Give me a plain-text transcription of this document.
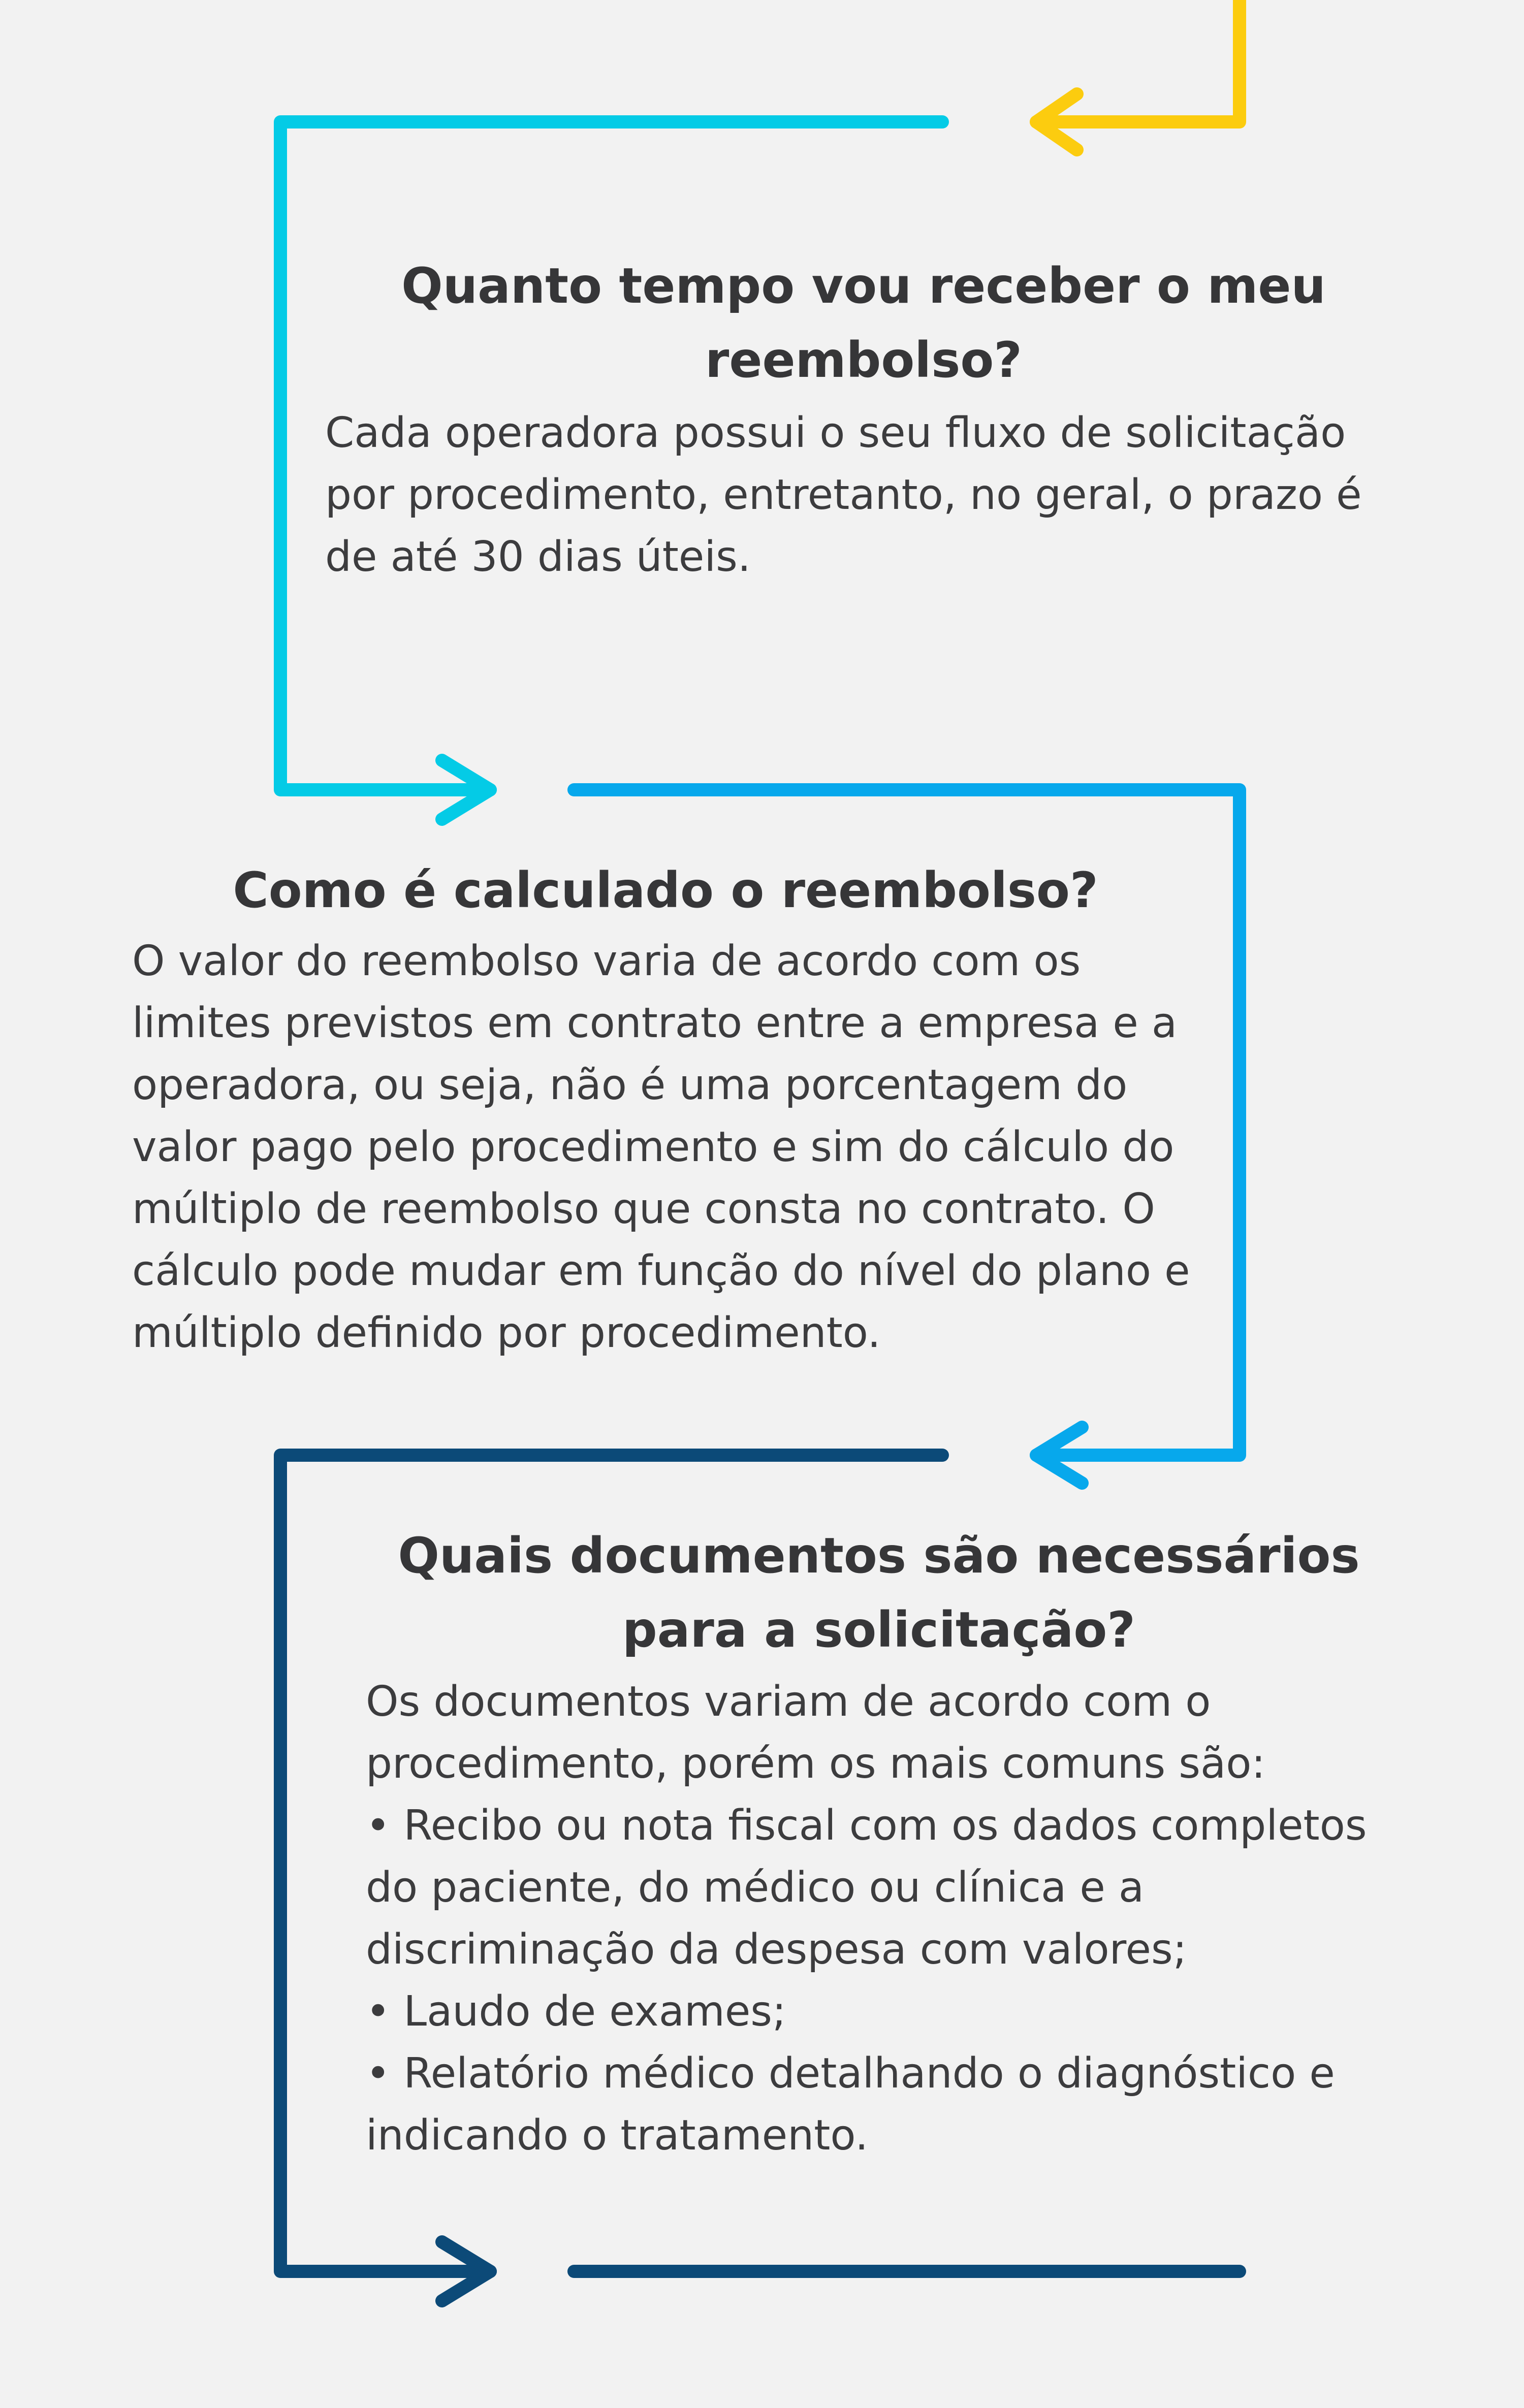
Quanto tempo vou receber o meu reembolso?

Cada operadora possui o seu fluxo de solicitação
por procedimento, entretanto, no geral, o prazo é
de até 30 dias úteis.

Como é calculado o reembolso?

O valor do reembolso varia de acordo com os
limites previstos em contrato entre a empresa e a
operadora, ou seja, não é uma porcentagem do
valor pago pelo procedimento e sim do cálculo do
múltiplo de reembolso que consta no contrato. O
cálculo pode mudar em função do nível do plano e
múltiplo definido por procedimento.

Quais documentos são necessários para a solicitação?

Os documentos variam de acordo com o
procedimento, porém os mais comuns são:
• Recibo ou nota fiscal com os dados completos
do paciente, do médico ou clínica e a
discriminação da despesa com valores;
• Laudo de exames;
• Relatório médico detalhando o diagnóstico e
indicando o tratamento.
